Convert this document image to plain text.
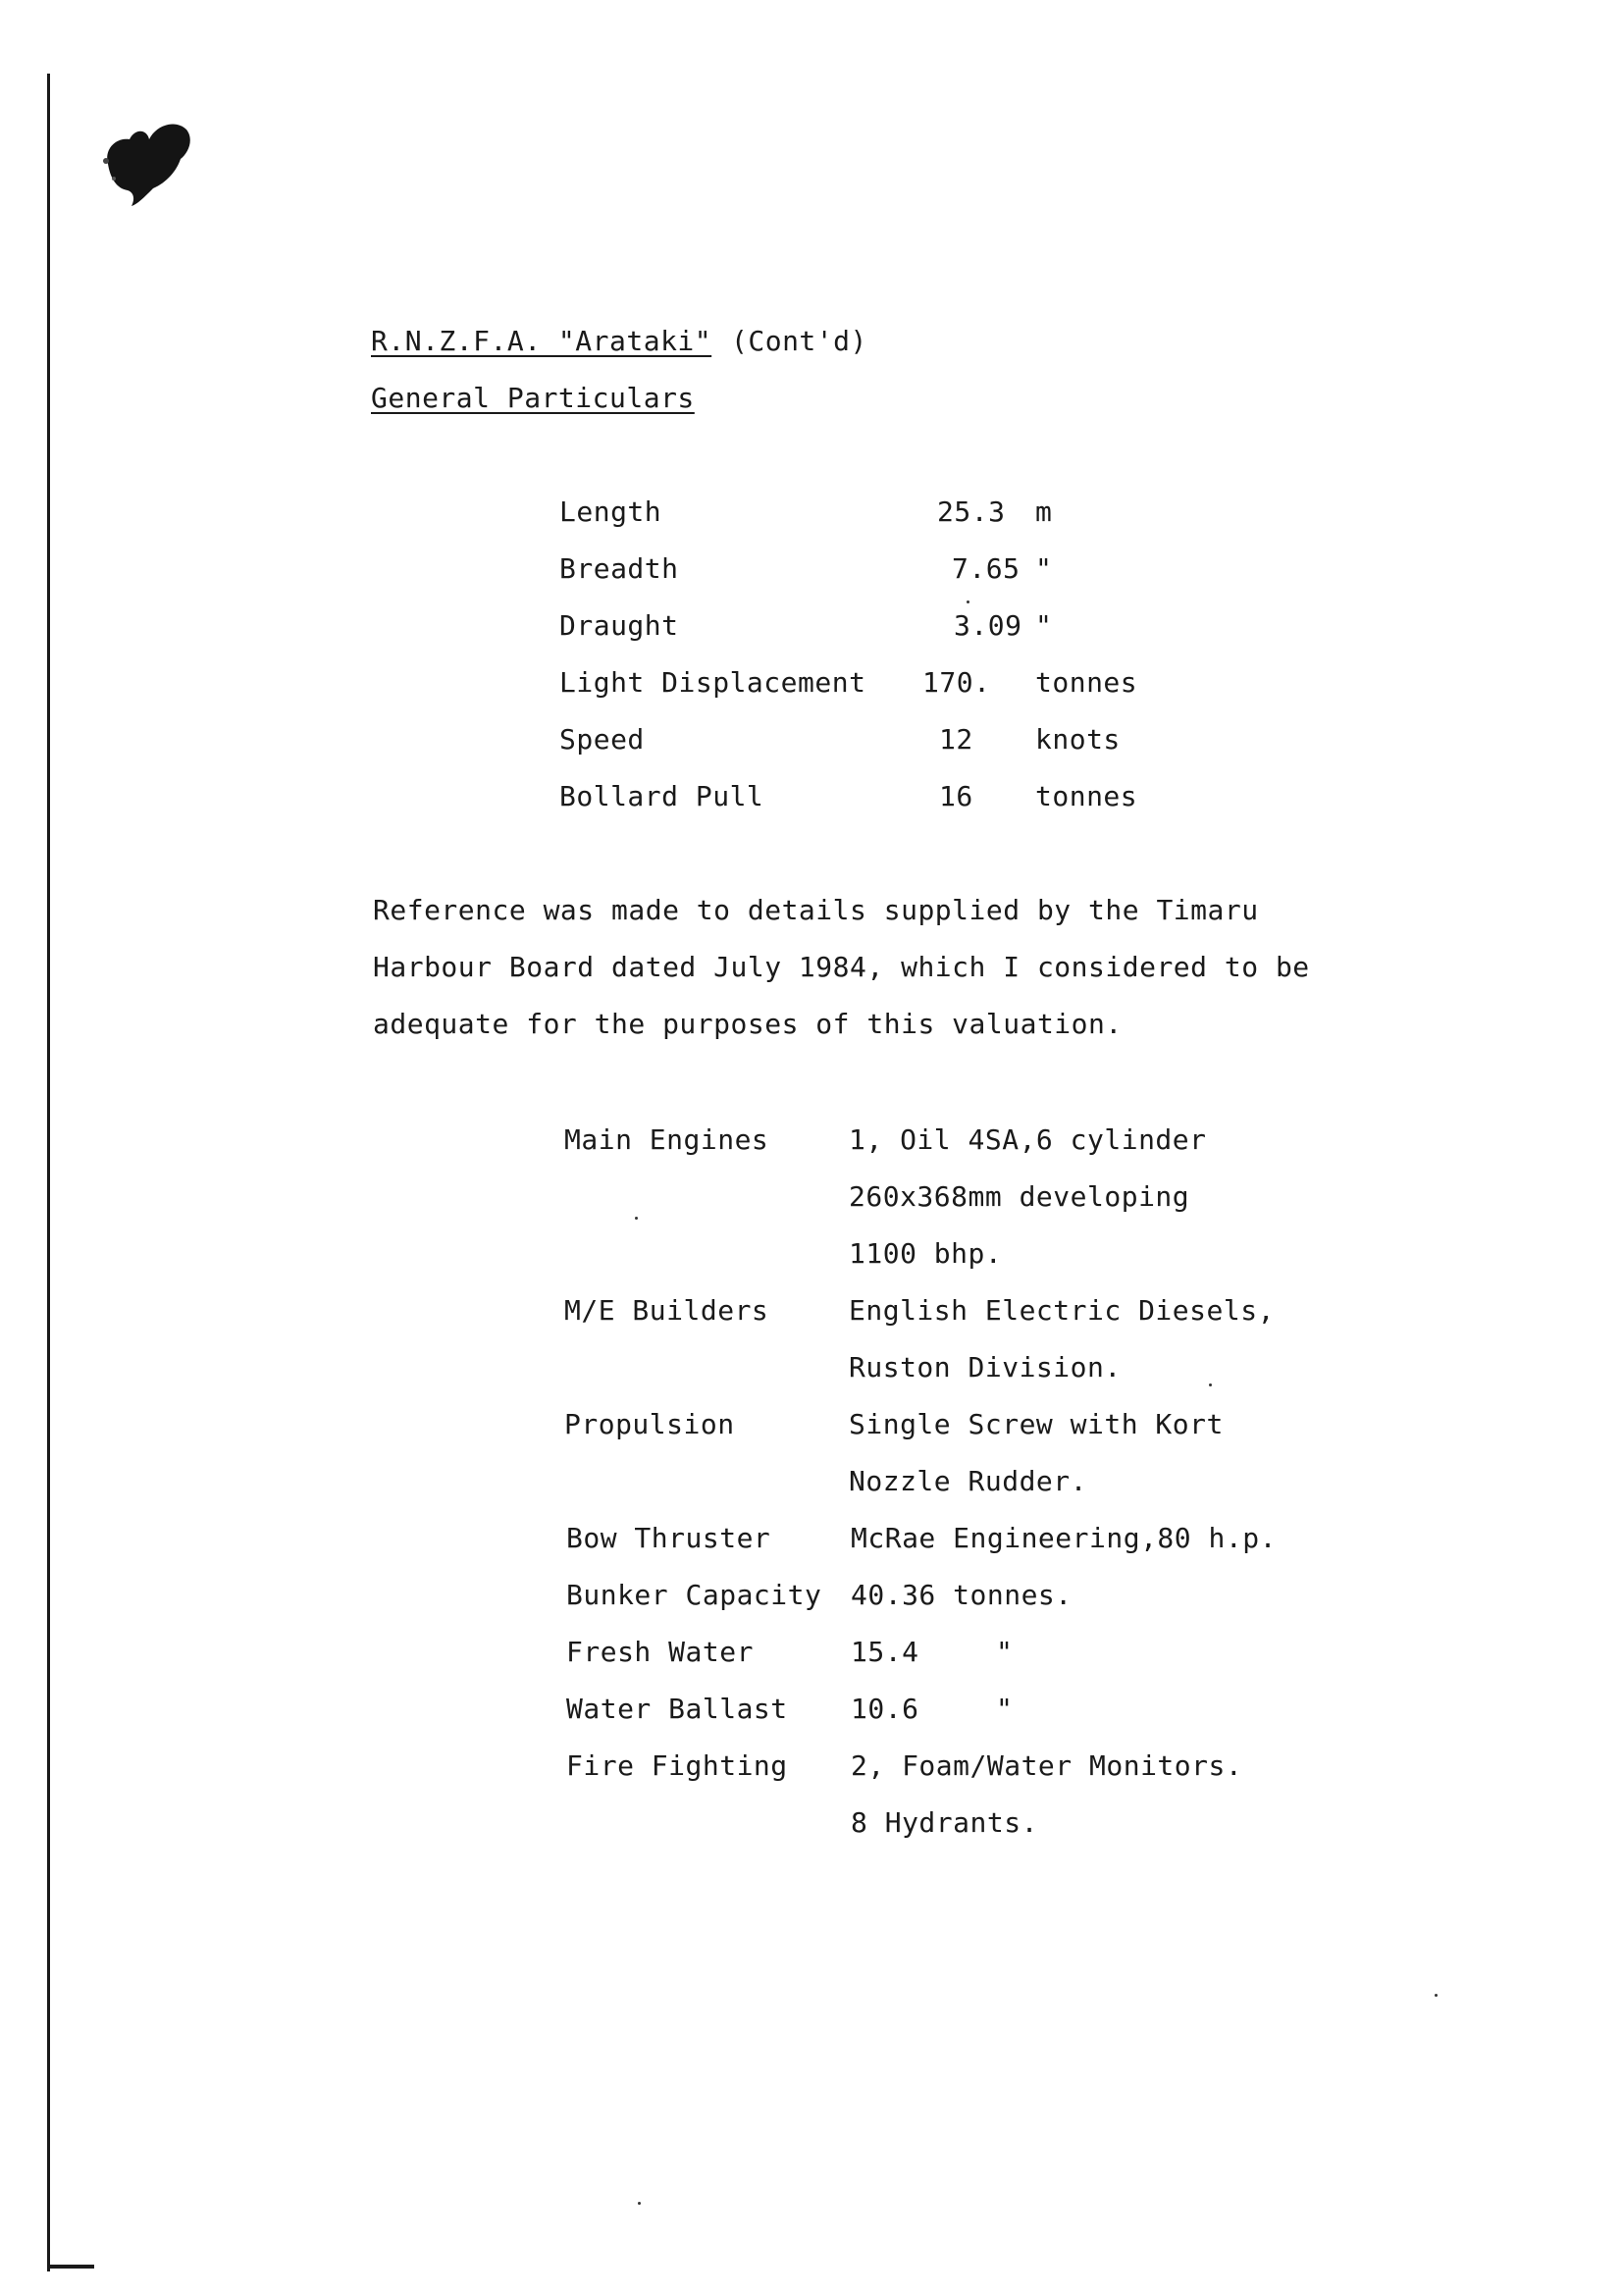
R.N.Z.F.A. "Arataki" (Cont'd)
General Particulars
Length	25.3 m
Breadth	7.65 "
Draught	3.09 "
Light Displacement 170. tonnes
Speed	12 knots
Bollard Pull	16 tonnes
Reference was made to details supplied by the Timaru
Harbour Board dated July 1984, which I considered to be
adequate for the purposes of this valuation.
Main Engines	1, Oil 4SA,6 cylinder
260x368mm developing
1100 bhp.
M/E Builders	English Electric Diesels,
Ruston Division.
Propulsion	Single Screw with Kort
Nozzle Rudder.
Bow Thruster	McRae Engineering,80 h.p.
Bunker Capacity 40.36 tonnes.
Fresh Water	15.4	"
Water Ballast 10.6	"
Fire Fighting 2, Foam/Water Monitors.
8 Hydrants.
